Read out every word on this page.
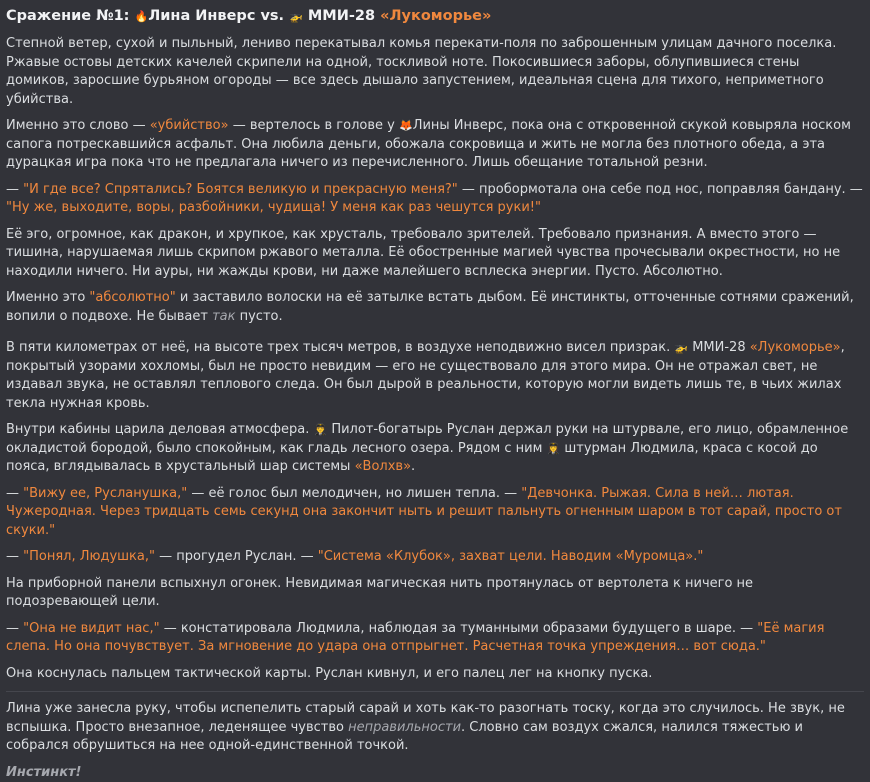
Сражение №1: 🔥Лина Инверс vs. 🚁 ММИ-28 «Лукоморье»

Степной ветер, сухой и пыльный, лениво перекатывал комья перекати-поля по заброшенным улицам дачного поселка. Ржавые остовы детских качелей скрипели на одной, тоскливой ноте. Покосившиеся заборы, облупившиеся стены домиков, заросшие бурьяном огороды — все здесь дышало запустением, идеальная сцена для тихого, неприметного убийства.

Именно это слово — «убийство» — вертелось в голове у 🦊Лины Инверс, пока она с откровенной скукой ковыряла носком сапога потрескавшийся асфальт. Она любила деньги, обожала сокровища и жить не могла без плотного обеда, а эта дурацкая игра пока что не предлагала ничего из перечисленного. Лишь обещание тотальной резни.

— "И где все? Спрятались? Боятся великую и прекрасную меня?" — пробормотала она себе под нос, поправляя бандану. — "Ну же, выходите, воры, разбойники, чудища! У меня как раз чешутся руки!"

Её эго, огромное, как дракон, и хрупкое, как хрусталь, требовало зрителей. Требовало признания. А вместо этого — тишина, нарушаемая лишь скрипом ржавого металла. Её обостренные магией чувства прочесывали окрестности, но не находили ничего. Ни ауры, ни жажды крови, ни даже малейшего всплеска энергии. Пусто. Абсолютно.

Именно это "абсолютно" и заставило волоски на её затылке встать дыбом. Её инстинкты, отточенные сотнями сражений, вопили о подвохе. Не бывает так пусто.

В пяти километрах от неё, на высоте трех тысяч метров, в воздухе неподвижно висел призрак. 🚁 ММИ-28 «Лукоморье», покрытый узорами хохломы, был не просто невидим — его не существовало для этого мира. Он не отражал свет, не издавал звука, не оставлял теплового следа. Он был дырой в реальности, которую могли видеть лишь те, в чьих жилах текла нужная кровь.

Внутри кабины царила деловая атмосфера. 👨‍✈️ Пилот-богатырь Руслан держал руки на штурвале, его лицо, обрамленное окладистой бородой, было спокойным, как гладь лесного озера. Рядом с ним 👩‍✈️ штурман Людмила, краса с косой до пояса, вглядывалась в хрустальный шар системы «Волхв».

— "Вижу ее, Русланушка," — её голос был мелодичен, но лишен тепла. — "Девчонка. Рыжая. Сила в ней… лютая. Чужеродная. Через тридцать семь секунд она закончит ныть и решит пальнуть огненным шаром в тот сарай, просто от скуки."

— "Понял, Людушка," — прогудел Руслан. — "Система «Клубок», захват цели. Наводим «Муромца»."

На приборной панели вспыхнул огонек. Невидимая магическая нить протянулась от вертолета к ничего не подозревающей цели.

— "Она не видит нас," — констатировала Людмила, наблюдая за туманными образами будущего в шаре. — "Её магия слепа. Но она почувствует. За мгновение до удара она отпрыгнет. Расчетная точка упреждения… вот сюда."

Она коснулась пальцем тактической карты. Руслан кивнул, и его палец лег на кнопку пуска.

Лина уже занесла руку, чтобы испепелить старый сарай и хоть как-то разогнать тоску, когда это случилось. Не звук, не вспышка. Просто внезапное, леденящее чувство неправильности. Словно сам воздух сжался, налился тяжестью и собрался обрушиться на нее одной-единственной точкой.

Инстинкт!
